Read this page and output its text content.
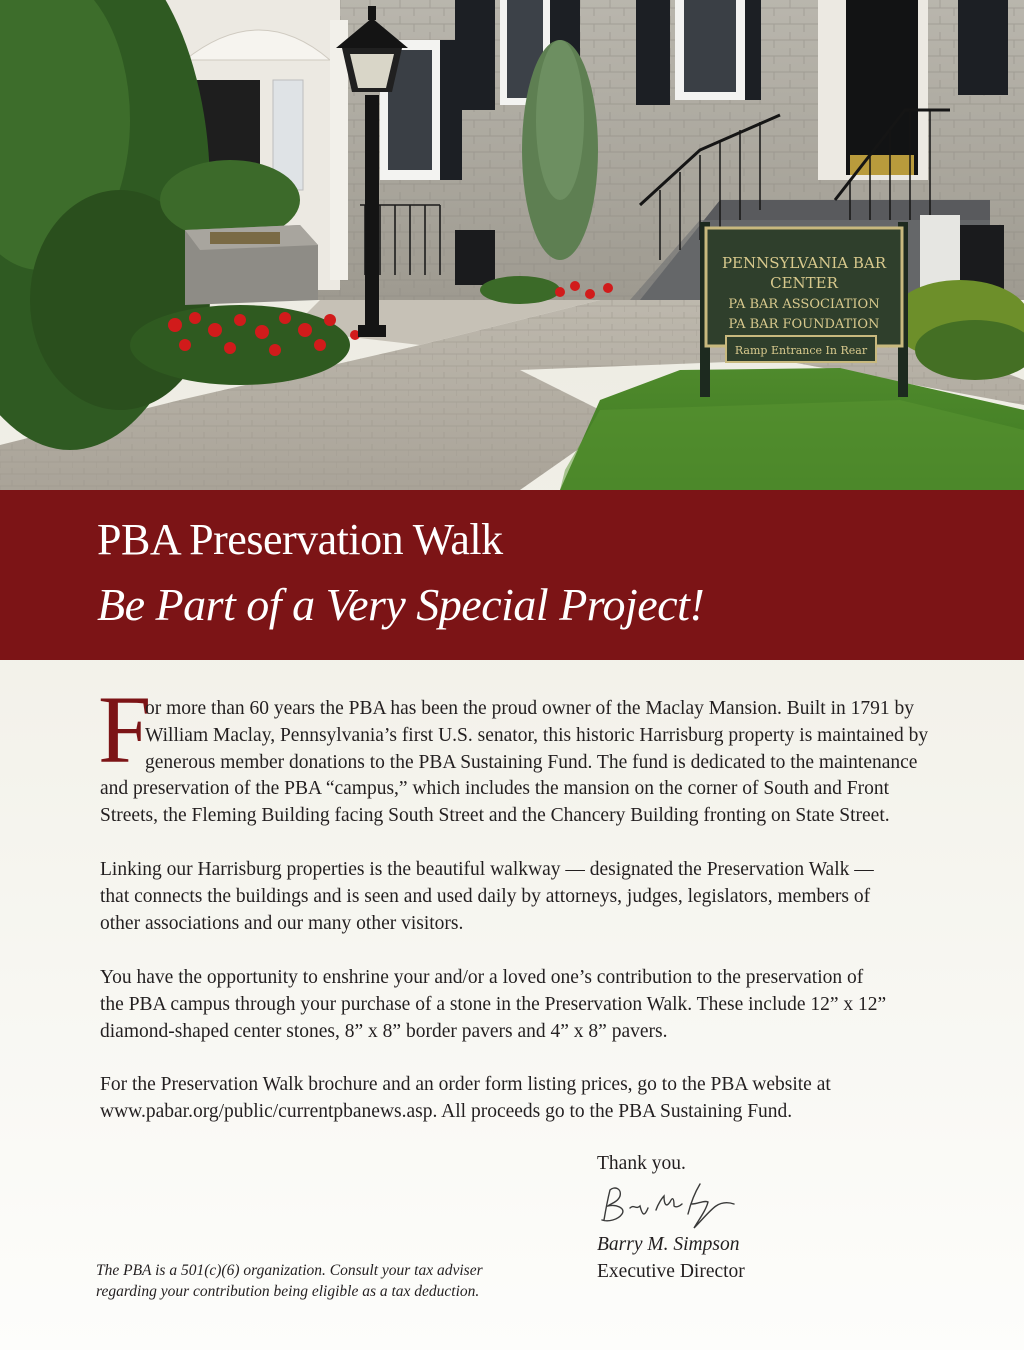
PENNSYLVANIA BAR
CENTER
PA BAR ASSOCIATION
PA BAR FOUNDATION
Ramp Entrance In Rear
PBA Preservation Walk
Be Part of a Very Special Project!
F
or more than 60 years the PBA has been the proud owner of the Maclay Mansion. Built in 1791 by
William Maclay, Pennsylvania’s first U.S. senator, this historic Harrisburg property is maintained by
generous member donations to the PBA Sustaining Fund. The fund is dedicated to the maintenance
and preservation of the PBA “campus,” which includes the mansion on the corner of South and Front
Streets, the Fleming Building facing South Street and the Chancery Building fronting on State Street.
Linking our Harrisburg properties is the beautiful walkway — designated the Preservation Walk —
that connects the buildings and is seen and used daily by attorneys, judges, legislators, members of
other associations and our many other visitors.
You have the opportunity to enshrine your and/or a loved one’s contribution to the preservation of
the PBA campus through your purchase of a stone in the Preservation Walk. These include 12” x 12”
diamond-shaped center stones, 8” x 8” border pavers and 4” x 8” pavers.
For the Preservation Walk brochure and an order form listing prices, go to the PBA website at
www.pabar.org/public/currentpbanews.asp. All proceeds go to the PBA Sustaining Fund.
Thank you.
Barry M. Simpson
Executive Director
The PBA is a 501(c)(6) organization. Consult your tax adviser
regarding your contribution being eligible as a tax deduction.
